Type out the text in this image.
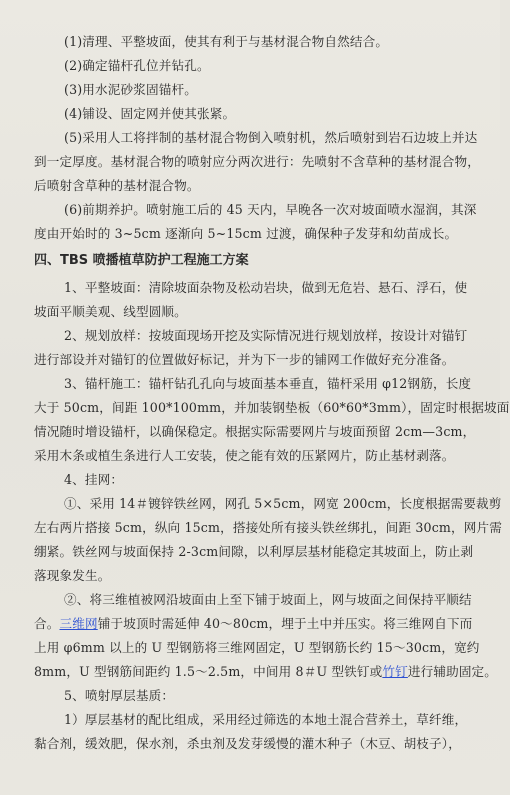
(1)清理、平整坡面，使其有利于与基材混合物自然结合。
(2)确定锚杆孔位并钻孔。
(3)用水泥砂浆固锚杆。
(4)铺设、固定网并使其张紧。
(5)采用人工将拌制的基材混合物倒入喷射机，然后喷射到岩石边坡上并达
到一定厚度。基材混合物的喷射应分两次进行：先喷射不含草种的基材混合物，
后喷射含草种的基材混合物。
(6)前期养护。喷射施工后的 45 天内，早晚各一次对坡面喷水湿润，其深
度由开始时的 3~5cm 逐渐向 5~15cm 过渡，确保种子发芽和幼苗成长。
四、TBS 喷播植草防护工程施工方案
1、平整坡面：清除坡面杂物及松动岩块，做到无危岩、悬石、浮石，使
坡面平顺美观、线型圆顺。
2、规划放样：按坡面现场开挖及实际情况进行规划放样，按设计对锚钉
进行部设并对锚钉的位置做好标记，并为下一步的铺网工作做好充分准备。
3、锚杆施工：锚杆钻孔孔向与坡面基本垂直，锚杆采用 φ12钢筋，长度
大于 50cm，间距 100*100mm，并加装钢垫板（60*60*3mm），固定时根据坡面
情况随时增设锚杆，以确保稳定。根据实际需要网片与坡面预留 2cm—3cm，
采用木条或植生条进行人工安装，使之能有效的压紧网片，防止基材剥落。
4、挂网：
①、采用 14＃镀锌铁丝网，网孔 5×5cm，网宽 200cm，长度根据需要裁剪
左右两片搭接 5cm，纵向 15cm，搭接处所有接头铁丝绑扎，间距 30cm，网片需
绷紧。铁丝网与坡面保持 2-3cm间隙，以利厚层基材能稳定其坡面上，防止剥
落现象发生。
②、将三维植被网沿坡面由上至下铺于坡面上，网与坡面之间保持平顺结
合。三维网铺于坡顶时需延伸 40～80cm，埋于土中并压实。将三维网自下而
上用 φ6mm 以上的 U 型钢筋将三维网固定，U 型钢筋长约 15～30cm，宽约
8mm，U 型钢筋间距约 1.5～2.5m，中间用 8＃U 型铁钉或竹钉进行辅助固定。
5、喷射厚层基质：
1）厚层基材的配比组成，采用经过筛选的本地土混合营养土，草纤维，
黏合剂，缓效肥，保水剂，杀虫剂及发芽缓慢的灌木种子（木豆、胡枝子），
